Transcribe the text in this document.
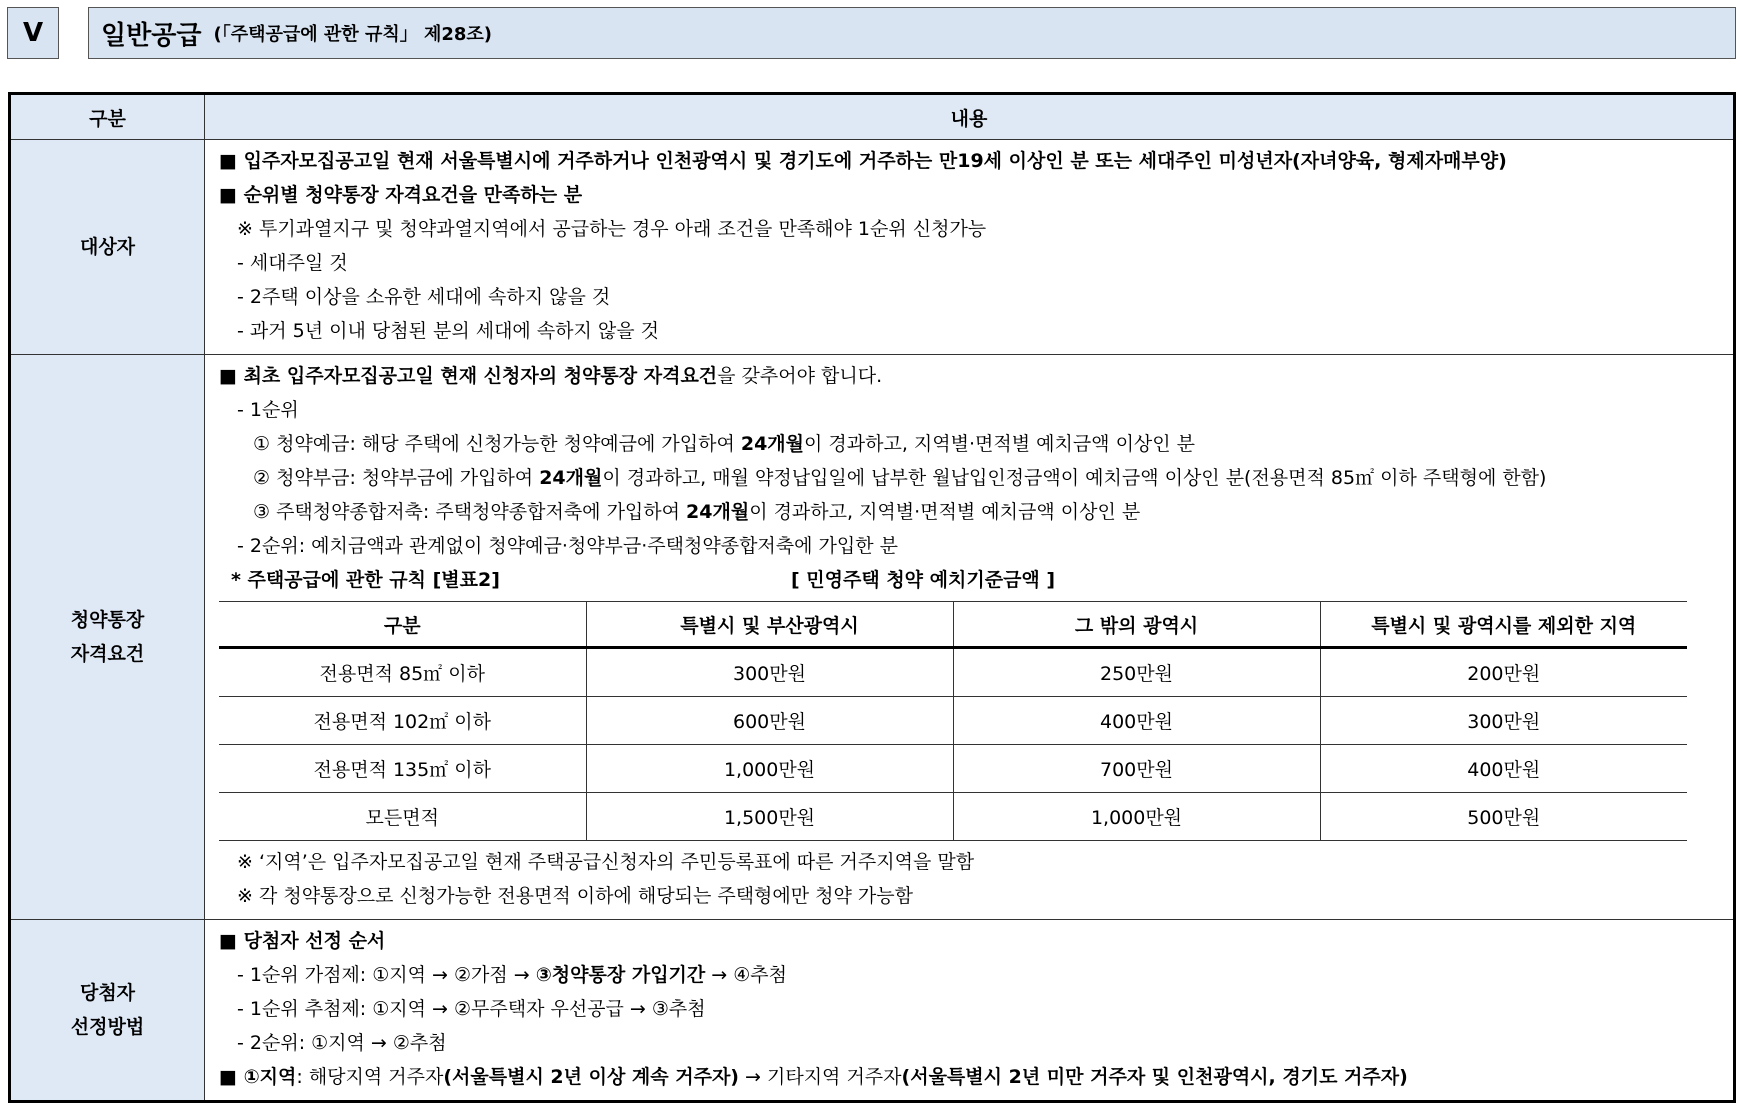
V	일반공급 (「주택공급에 관한 규칙」 제28조)
구분	내용
대상자	
■ 입주자모집공고일 현재 서울특별시에 거주하거나 인천광역시 및 경기도에 거주하는 만19세 이상인 분 또는 세대주인 미성년자(자녀양육, 형제자매부양)
■ 순위별 청약통장 자격요건을 만족하는 분
※ 투기과열지구 및 청약과열지역에서 공급하는 경우 아래 조건을 만족해야 1순위 신청가능
- 세대주일 것
- 2주택 이상을 소유한 세대에 속하지 않을 것
- 과거 5년 이내 당첨된 분의 세대에 속하지 않을 것

청약통장
자격요건

■ 최초 입주자모집공고일 현재 신청자의 청약통장 자격요건을 갖추어야 합니다.
- 1순위
① 청약예금: 해당 주택에 신청가능한 청약예금에 가입하여 24개월이 경과하고, 지역별·면적별 예치금액 이상인 분
② 청약부금: 청약부금에 가입하여 24개월이 경과하고, 매월 약정납입일에 납부한 월납입인정금액이 예치금액 이상인 분(전용면적 85㎡ 이하 주택형에 한함)
③ 주택청약종합저축: 주택청약종합저축에 가입하여 24개월이 경과하고, 지역별·면적별 예치금액 이상인 분
- 2순위: 예치금액과 관계없이 청약예금·청약부금·주택청약종합저축에 가입한 분
* 주택공급에 관한 규칙 [별표2]	[ 민영주택 청약 예치기준금액 ]
구분	특별시 및 부산광역시	그 밖의 광역시	특별시 및 광역시를 제외한 지역
전용면적 85㎡ 이하	300만원	250만원	200만원
전용면적 102㎡ 이하	600만원	400만원	300만원
전용면적 135㎡ 이하	1,000만원	700만원	400만원
모든면적	1,500만원	1,000만원	500만원
※ ‘지역’은 입주자모집공고일 현재 주택공급신청자의 주민등록표에 따른 거주지역을 말함
※ 각 청약통장으로 신청가능한 전용면적 이하에 해당되는 주택형에만 청약 가능함

당첨자
선정방법

■ 당첨자 선정 순서
- 1순위 가점제: ①지역 → ②가점 → ③청약통장 가입기간 → ④추첨
- 1순위 추첨제: ①지역 → ②무주택자 우선공급 → ③추첨
- 2순위: ①지역 → ②추첨
■ ①지역: 해당지역 거주자(서울특별시 2년 이상 계속 거주자) → 기타지역 거주자(서울특별시 2년 미만 거주자 및 인천광역시, 경기도 거주자)
